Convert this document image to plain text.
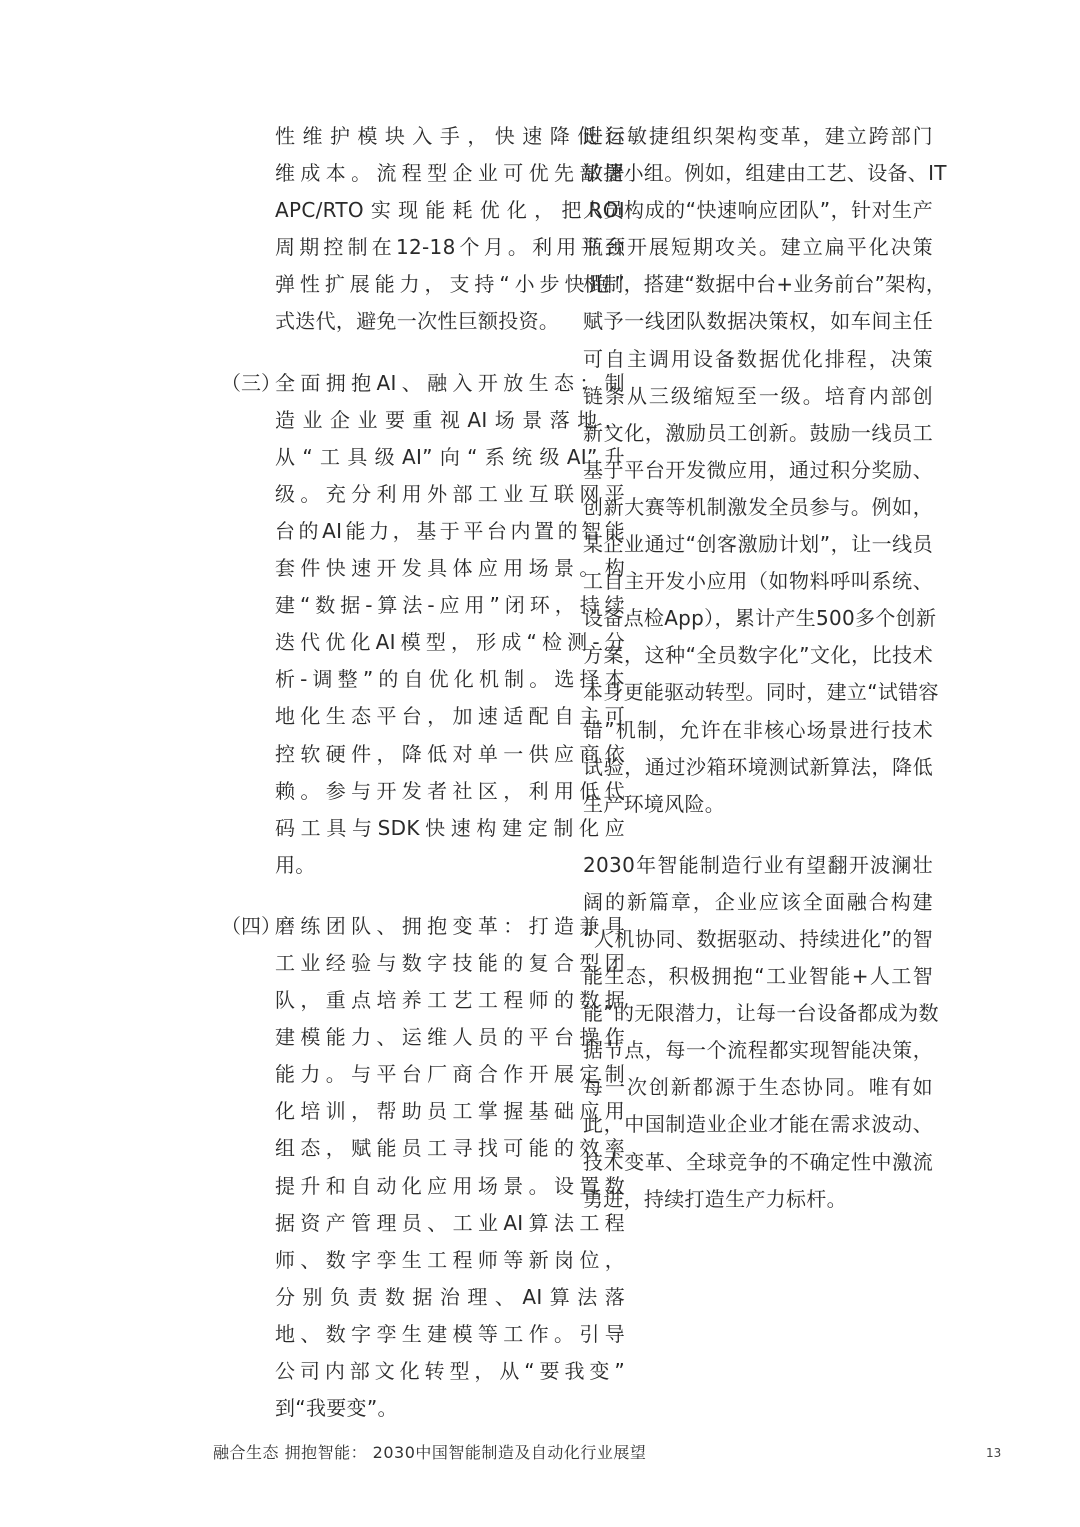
性维护模块入手，快速降低运
维成本。流程型企业可优先部署
APC/RTO实现能耗优化，把ROI
周期控制在12-18个月。利用平台
弹性扩展能力，支持“小步快跑”
式迭代，避免一次性巨额投资。
（三）
全面拥抱AI、融入开放生态：制
造业企业要重视AI场景落地，
从“工具级AI”向“系统级AI”升
级。充分利用外部工业互联网平
台的AI能力，基于平台内置的智能
套件快速开发具体应用场景。构
建“数据-算法-应用”闭环，持续
迭代优化AI模型，形成“检测-分
析-调整”的自优化机制。选择本
地化生态平台，加速适配自主可
控软硬件，降低对单一供应商依
赖。参与开发者社区，利用低代
码工具与SDK快速构建定制化应
用。
（四）
磨练团队、拥抱变革：打造兼具
工业经验与数字技能的复合型团
队，重点培养工艺工程师的数据
建模能力、运维人员的平台操作
能力。与平台厂商合作开展定制
化培训，帮助员工掌握基础应用
组态，赋能员工寻找可能的效率
提升和自动化应用场景。设置数
据资产管理员、工业AI算法工程
师、数字孪生工程师等新岗位，
分别负责数据治理、AI算法落
地、数字孪生建模等工作。引导
公司内部文化转型，从“要我变”
到“我要变”。
进行敏捷组织架构变革，建立跨部门
敏捷小组。例如，组建由工艺、设备、IT
人员构成的“快速响应团队”，针对生产
瓶颈开展短期攻关。建立扁平化决策
机制，搭建“数据中台+业务前台”架构，
赋予一线团队数据决策权，如车间主任
可自主调用设备数据优化排程，决策
链条从三级缩短至一级。培育内部创
新文化，激励员工创新。鼓励一线员工
基于平台开发微应用，通过积分奖励、
创新大赛等机制激发全员参与。例如，
某企业通过“创客激励计划”，让一线员
工自主开发小应用（如物料呼叫系统、
设备点检App），累计产生500多个创新
方案，这种“全员数字化”文化，比技术
本身更能驱动转型。同时，建立“试错容
错”机制，允许在非核心场景进行技术
试验，通过沙箱环境测试新算法，降低
生产环境风险。
2030年智能制造行业有望翻开波澜壮
阔的新篇章，企业应该全面融合构建
“人机协同、数据驱动、持续进化”的智
能生态，积极拥抱“工业智能+人工智
能”的无限潜力，让每一台设备都成为数
据节点，每一个流程都实现智能决策，
每一次创新都源于生态协同。唯有如
此，中国制造业企业才能在需求波动、
技术变革、全球竞争的不确定性中激流
勇进，持续打造生产力标杆。
融合生态 拥抱智能： 2030中国智能制造及自动化行业展望	13
